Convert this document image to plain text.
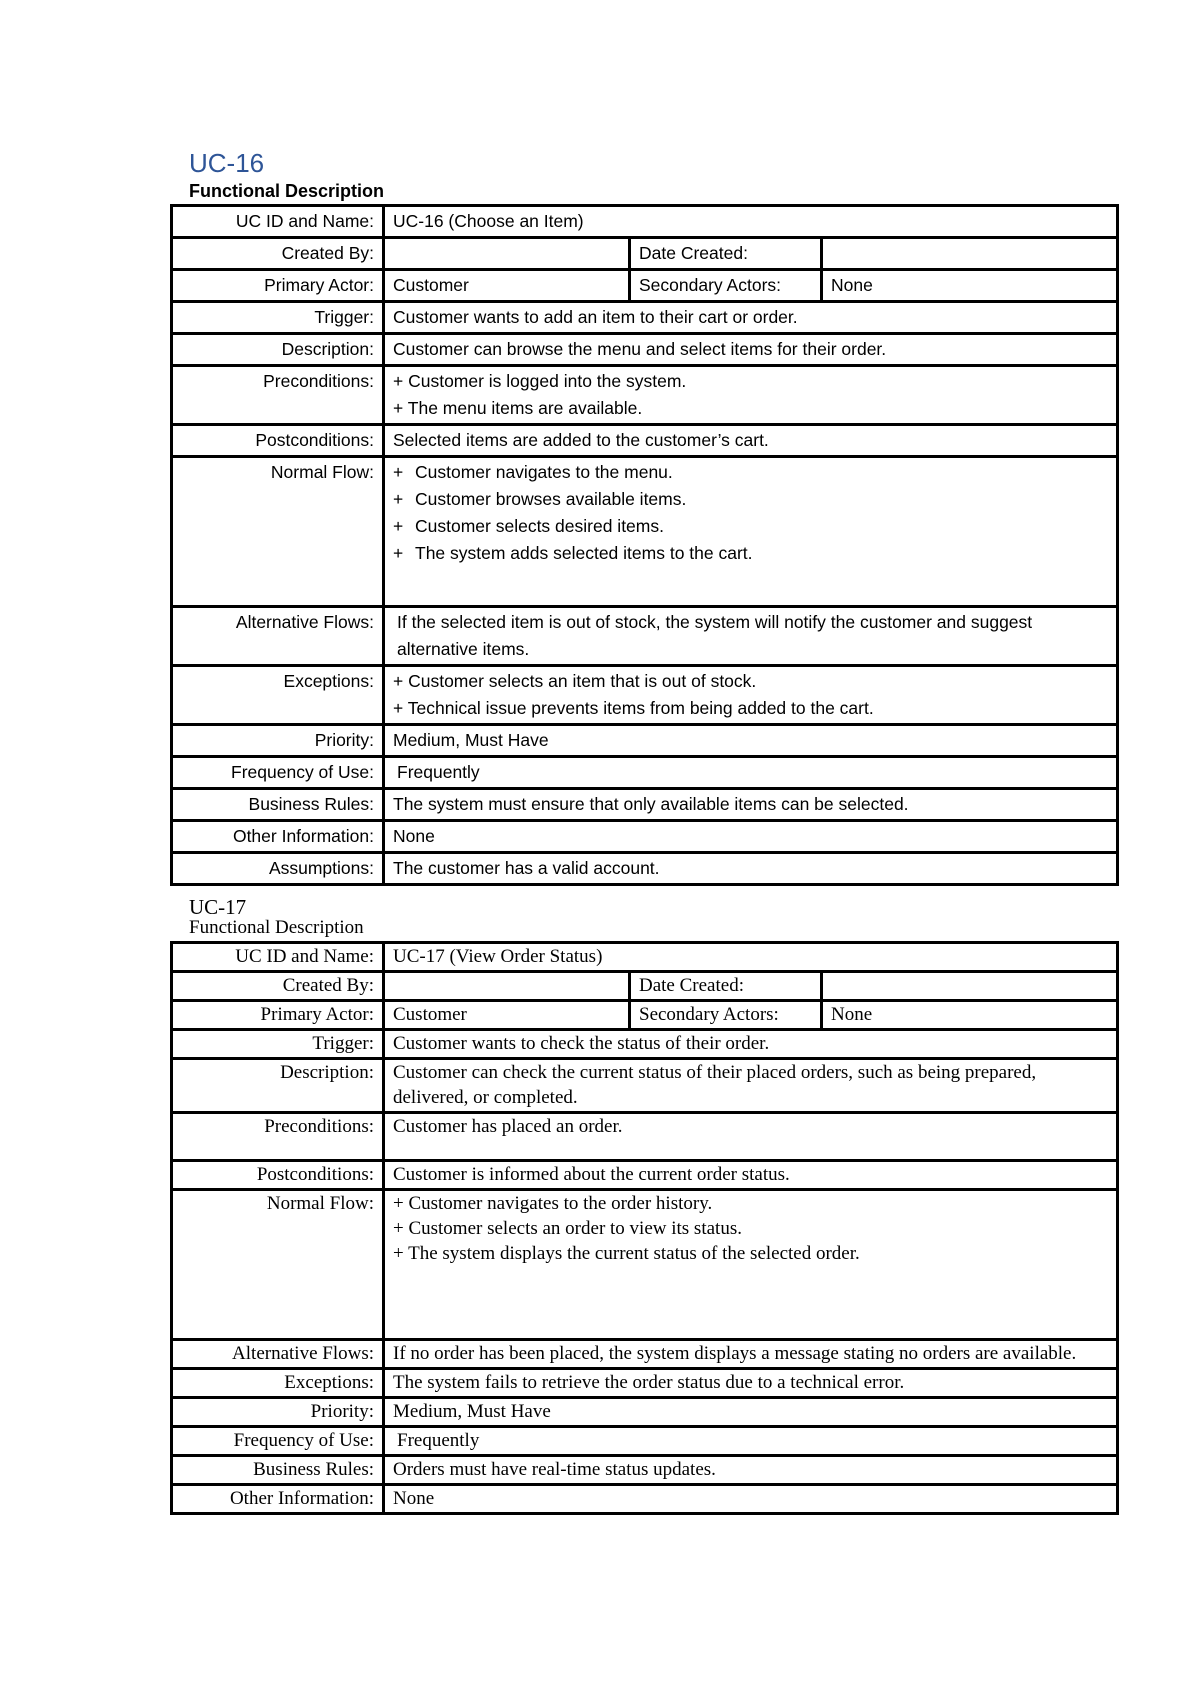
UC-16
Functional Description
UC ID and Name:	UC-16 (Choose an Item)		
Created By:		Date Created:	
Primary Actor:	Customer	Secondary Actors:	None
Trigger:	Customer wants to add an item to their cart or order.		
Description:	Customer can browse the menu and select items for their order.		
Preconditions:	+ Customer is logged into the system.
+ The menu items are available.		

Postconditions:	Selected items are added to the customer’s cart.		
Normal Flow:	+ Customer navigates to the menu.
+ Customer browses available items.
+ Customer selects desired items.
+ The system adds selected items to the cart.		

Alternative Flows:	If the selected item is out of stock, the system will notify the customer and suggest alternative items.		
Exceptions:	+ Customer selects an item that is out of stock.
+ Technical issue prevents items from being added to the cart.		

Priority:	Medium, Must Have		
Frequency of Use:	Frequently		
Business Rules:	The system must ensure that only available items can be selected.		
Other Information:	None		
Assumptions:	The customer has a valid account.		
UC-17
Functional Description
UC ID and Name:	UC-17 (View Order Status)		
Created By:		Date Created:	
Primary Actor:	Customer	Secondary Actors:	None
Trigger:	Customer wants to check the status of their order.		
Description:	Customer can check the current status of their placed orders, such as being prepared, delivered, or completed.		
Preconditions:	Customer has placed an order.		
Postconditions:	Customer is informed about the current order status.		
Normal Flow:	+ Customer navigates to the order history.
+ Customer selects an order to view its status.
+ The system displays the current status of the selected order.		

Alternative Flows:	If no order has been placed, the system displays a message stating no orders are available.		
Exceptions:	The system fails to retrieve the order status due to a technical error.		
Priority:	Medium, Must Have		
Frequency of Use:	Frequently		
Business Rules:	Orders must have real-time status updates.		
Other Information:	None		
